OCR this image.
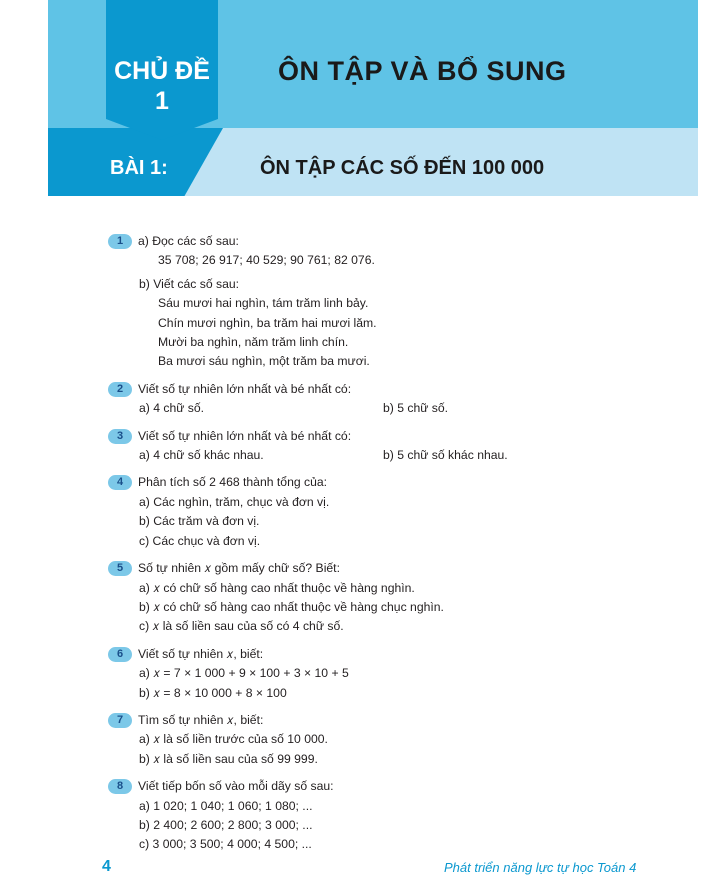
CHỦ ĐỀ
1
ÔN TẬP VÀ BỔ SUNG
BÀI 1:	ÔN TẬP CÁC SỐ ĐẾN 100 000
1 a) Đọc các số sau:
35 708; 26 917; 40 529; 90 761; 82 076.
b) Viết các số sau:
Sáu mươi hai nghìn, tám trăm linh bảy.
Chín mươi nghìn, ba trăm hai mươi lăm.
Mười ba nghìn, năm trăm linh chín.
Ba mươi sáu nghìn, một trăm ba mươi.
2 Viết số tự nhiên lớn nhất và bé nhất có:
a) 4 chữ số.	b) 5 chữ số.
3 Viết số tự nhiên lớn nhất và bé nhất có:
a) 4 chữ số khác nhau.	b) 5 chữ số khác nhau.
4 Phân tích số 2 468 thành tổng của:
a) Các nghìn, trăm, chục và đơn vị.
b) Các trăm và đơn vị.
c) Các chục và đơn vị.
5 Số tự nhiên 𝑥 gồm mấy chữ số? Biết:
a) 𝑥 có chữ số hàng cao nhất thuộc về hàng nghìn.
b) 𝑥 có chữ số hàng cao nhất thuộc về hàng chục nghìn.
c) 𝑥 là số liền sau của số có 4 chữ số.
6 Viết số tự nhiên 𝑥, biết:
a) 𝑥 = 7 × 1 000 + 9 × 100 + 3 × 10 + 5
b) 𝑥 = 8 × 10 000 + 8 × 100
7 Tìm số tự nhiên 𝑥, biết:
a) 𝑥 là số liền trước của số 10 000.
b) 𝑥 là số liền sau của số 99 999.
8 Viết tiếp bốn số vào mỗi dãy số sau:
a) 1 020; 1 040; 1 060; 1 080; ...
b) 2 400; 2 600; 2 800; 3 000; ...
c) 3 000; 3 500; 4 000; 4 500; ...
4	Phát triển năng lực tự học Toán 4
